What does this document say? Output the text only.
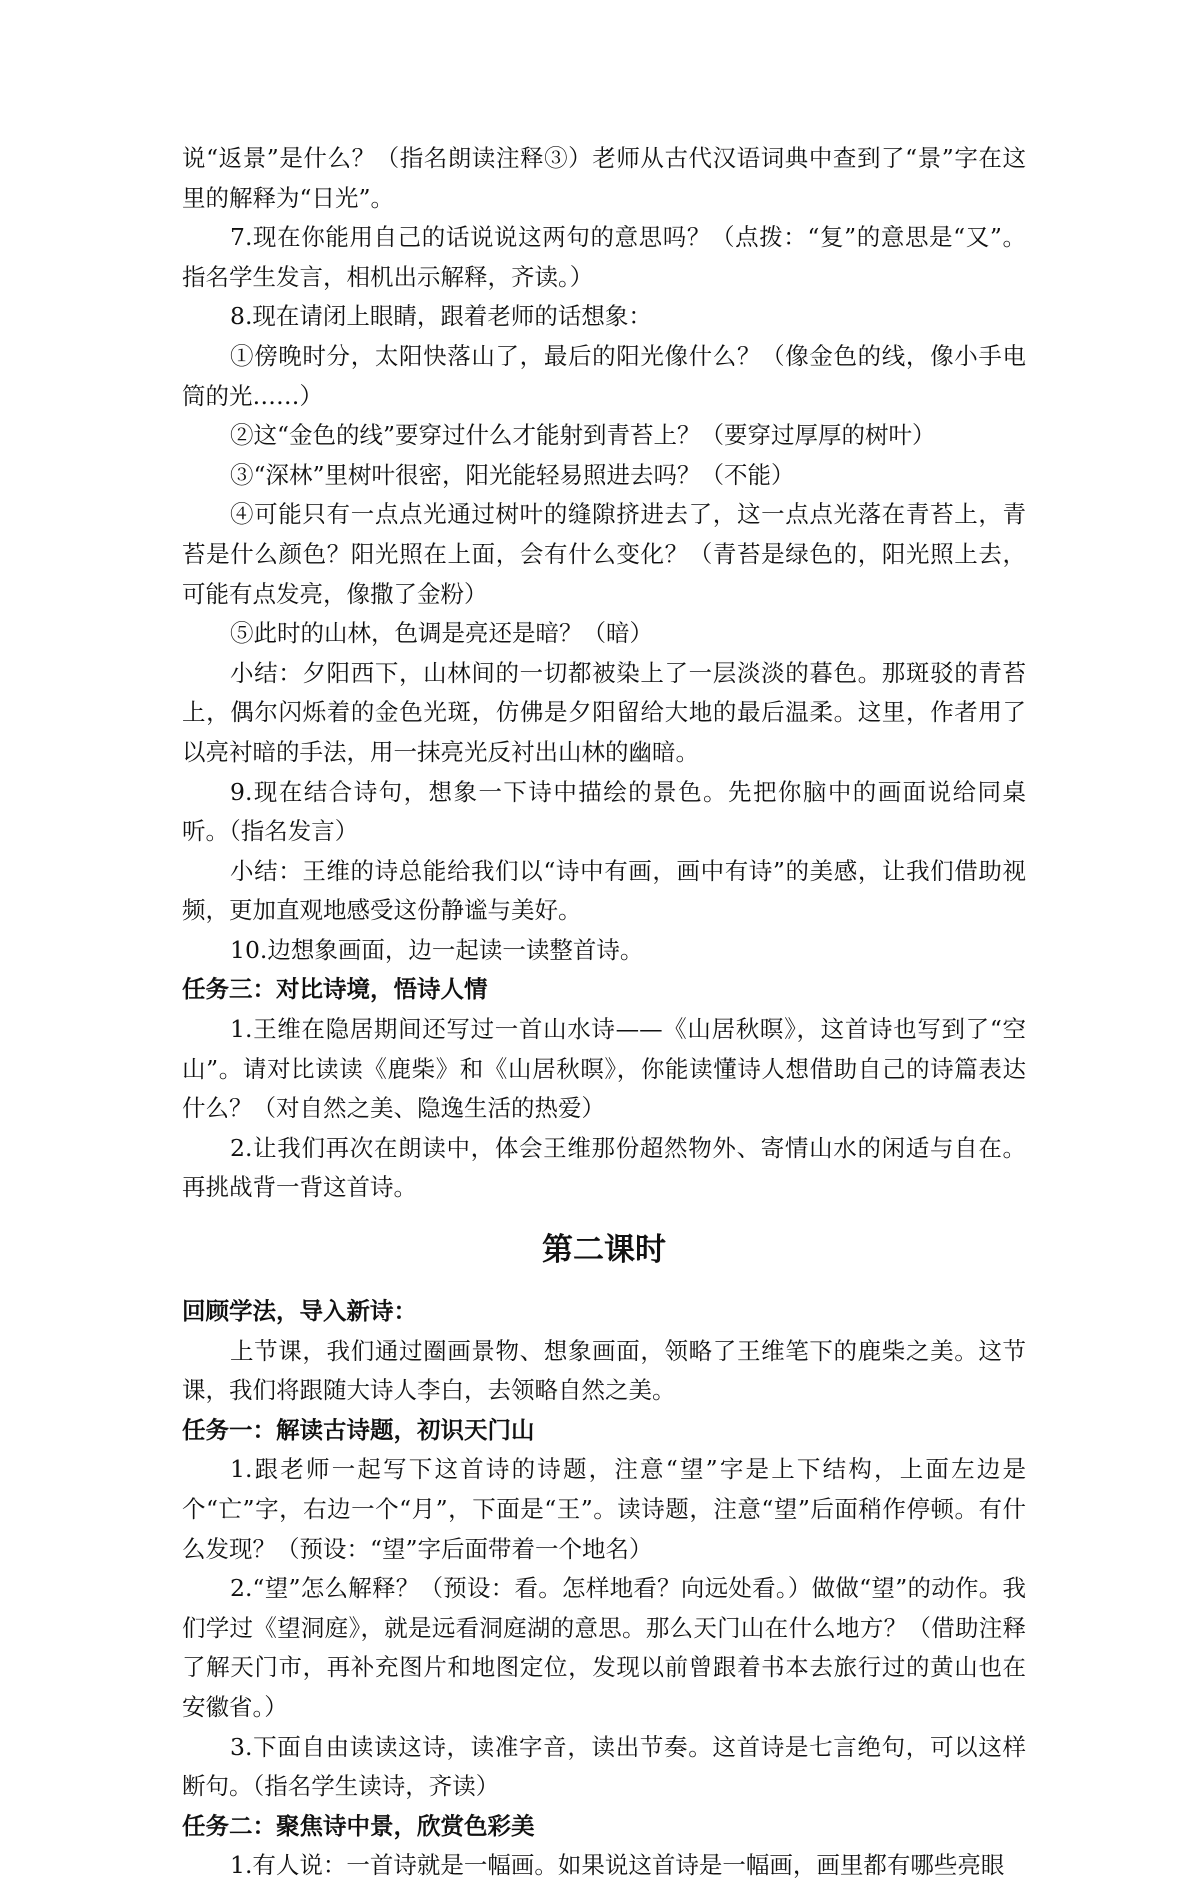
说“返景”是什么？（指名朗读注释③）老师从古代汉语词典中查到了“景”字在这里的解释为“日光”。

7.现在你能用自己的话说说这两句的意思吗？（点拨：“复”的意思是“又”。指名学生发言，相机出示解释，齐读。）

8.现在请闭上眼睛，跟着老师的话想象：

①傍晚时分，太阳快落山了，最后的阳光像什么？（像金色的线，像小手电筒的光……）

②这“金色的线”要穿过什么才能射到青苔上？（要穿过厚厚的树叶）

③“深林”里树叶很密，阳光能轻易照进去吗？（不能）

④可能只有一点点光通过树叶的缝隙挤进去了，这一点点光落在青苔上，青苔是什么颜色？阳光照在上面，会有什么变化？（青苔是绿色的，阳光照上去，可能有点发亮，像撒了金粉）

⑤此时的山林，色调是亮还是暗？（暗）

小结：夕阳西下，山林间的一切都被染上了一层淡淡的暮色。那斑驳的青苔上，偶尔闪烁着的金色光斑，仿佛是夕阳留给大地的最后温柔。这里，作者用了以亮衬暗的手法，用一抹亮光反衬出山林的幽暗。

9.现在结合诗句，想象一下诗中描绘的景色。先把你脑中的画面说给同桌听。（指名发言）

小结：王维的诗总能给我们以“诗中有画，画中有诗”的美感，让我们借助视频，更加直观地感受这份静谧与美好。

10.边想象画面，边一起读一读整首诗。

任务三：对比诗境，悟诗人情

1.王维在隐居期间还写过一首山水诗——《山居秋暝》，这首诗也写到了“空山”。请对比读读《鹿柴》和《山居秋暝》，你能读懂诗人想借助自己的诗篇表达什么？（对自然之美、隐逸生活的热爱）

2.让我们再次在朗读中，体会王维那份超然物外、寄情山水的闲适与自在。再挑战背一背这首诗。

第二课时

回顾学法，导入新诗：

上节课，我们通过圈画景物、想象画面，领略了王维笔下的鹿柴之美。这节课，我们将跟随大诗人李白，去领略自然之美。

任务一：解读古诗题，初识天门山

1.跟老师一起写下这首诗的诗题，注意“望”字是上下结构，上面左边是个“亡”字，右边一个“月”，下面是“王”。读诗题，注意“望”后面稍作停顿。有什么发现？（预设：“望”字后面带着一个地名）

2.“望”怎么解释？（预设：看。怎样地看？向远处看。）做做“望”的动作。我们学过《望洞庭》，就是远看洞庭湖的意思。那么天门山在什么地方？（借助注释了解天门市，再补充图片和地图定位，发现以前曾跟着书本去旅行过的黄山也在安徽省。）

3.下面自由读读这诗，读准字音，读出节奏。这首诗是七言绝句，可以这样断句。（指名学生读诗，齐读）

任务二：聚焦诗中景，欣赏色彩美

1.有人说：一首诗就是一幅画。如果说这首诗是一幅画，画里都有哪些亮眼
